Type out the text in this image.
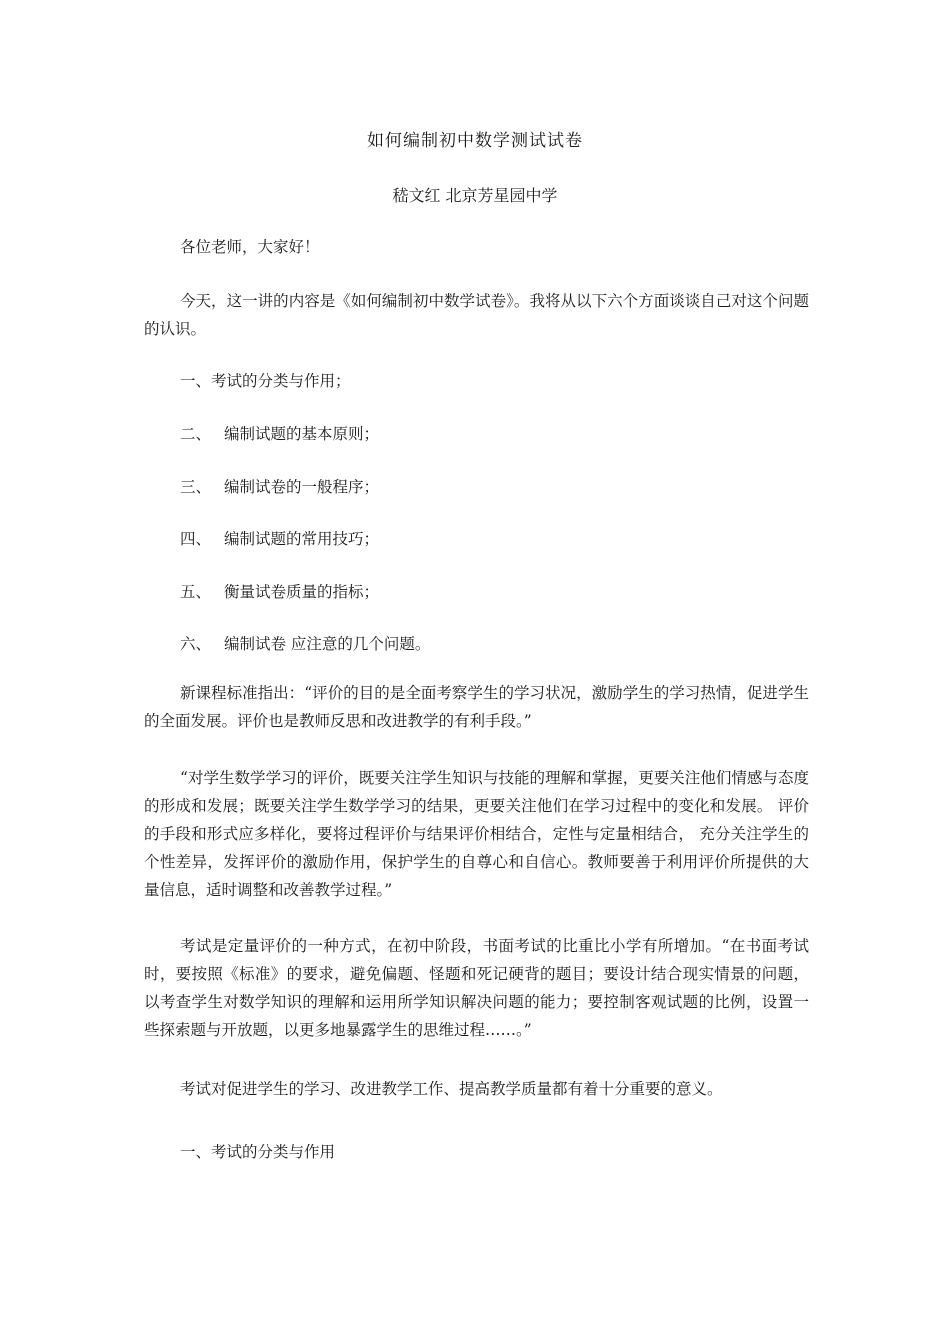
如何编制初中数学测试试卷
嵇文红 北京芳星园中学
各位老师，大家好！

今天，这一讲的内容是《如何编制初中数学试卷》。我将从以下六个方面谈谈自己对这个问题的认识。

一、考试的分类与作用；
二、 编制试题的基本原则；
三、 编制试卷的一般程序；
四、 编制试题的常用技巧；
五、 衡量试卷质量的指标；
六、 编制试卷 应注意的几个问题。

新课程标准指出：“评价的目的是全面考察学生的学习状况，激励学生的学习热情，促进学生的全面发展。评价也是教师反思和改进教学的有利手段。”

“对学生数学学习的评价，既要关注学生知识与技能的理解和掌握，更要关注他们情感与态度的形成和发展；既要关注学生数学学习的结果，更要关注他们在学习过程中的变化和发展。 评价的手段和形式应多样化，要将过程评价与结果评价相结合，定性与定量相结合， 充分关注学生的个性差异，发挥评价的激励作用，保护学生的自尊心和自信心。教师要善于利用评价所提供的大量信息，适时调整和改善教学过程。”

考试是定量评价的一种方式，在初中阶段，书面考试的比重比小学有所增加。“在书面考试时，要按照《标准》的要求，避免偏题、怪题和死记硬背的题目；要设计结合现实情景的问题，以考查学生对数学知识的理解和运用所学知识解决问题的能力；要控制客观试题的比例，设置一些探索题与开放题，以更多地暴露学生的思维过程……。”

考试对促进学生的学习、改进教学工作、提高教学质量都有着十分重要的意义。

一、考试的分类与作用
